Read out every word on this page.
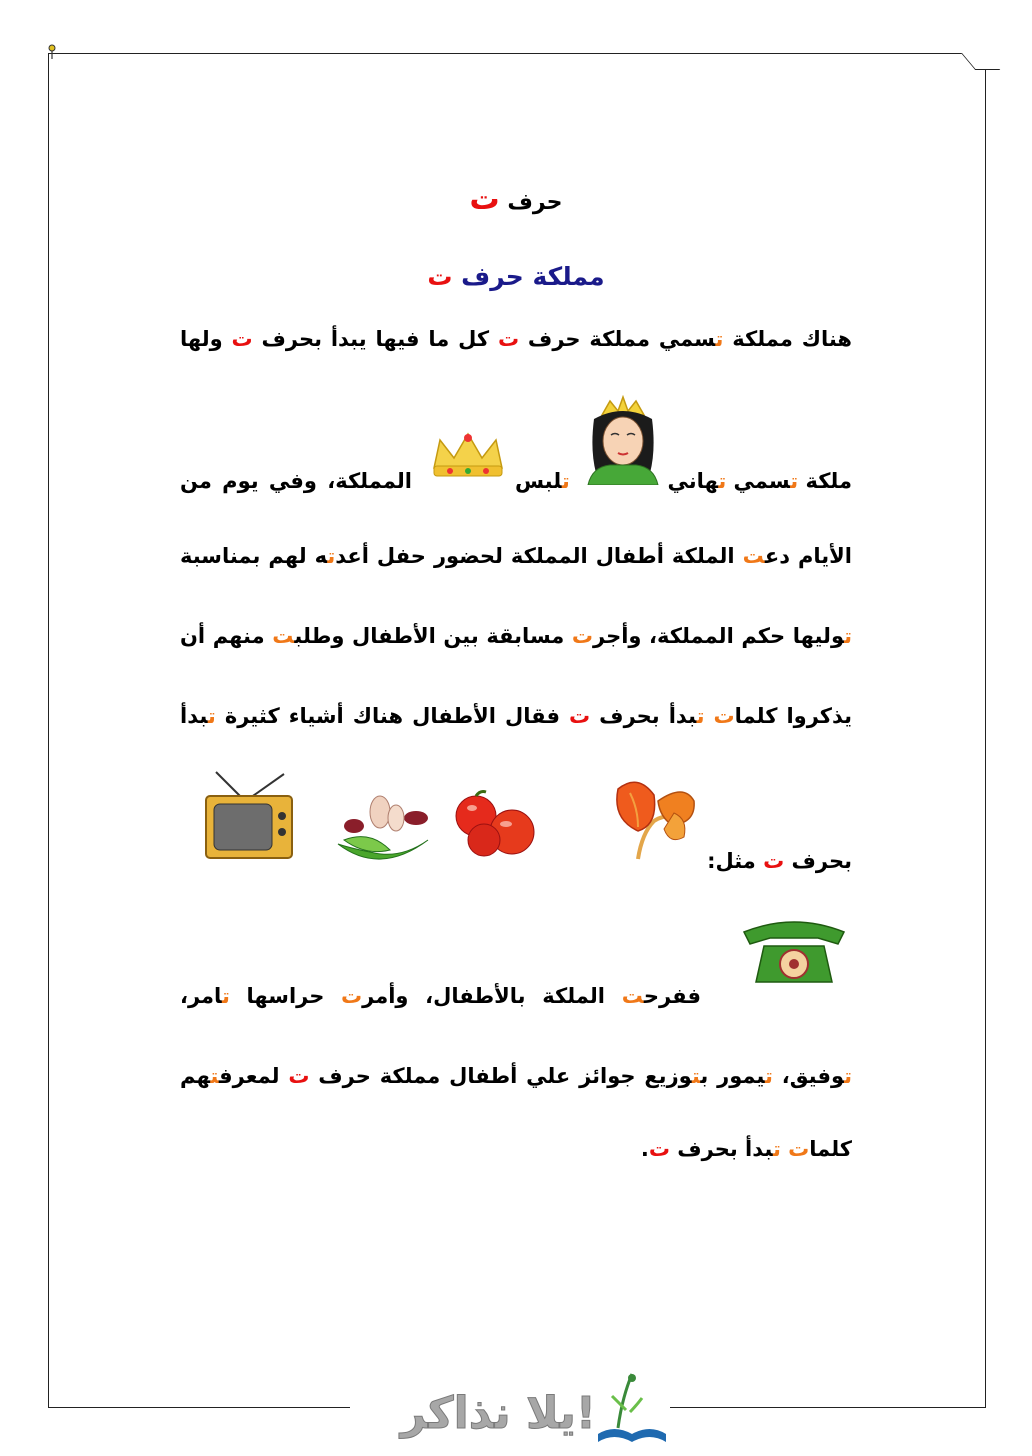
حرف ت
مملكة حرف ت
هناك مملكة تسمي مملكة حرف ت كل ما فيها يبدأ بحرف ت ولها
ملكة تسمي تهاني
تلبس
المملكة، وفي يوم من
الأيام دعت الملكة أطفال المملكة لحضور حفل أعدته لهم بمناسبة
توليها حكم المملكة، وأجرت مسابقة بين الأطفال وطلبت منهم أن
يذكروا كلمات تبدأ بحرف ت فقال الأطفال هناك أشياء كثيرة تبدأ
بحرف ت مثل:
ففرحت الملكة بالأطفال، وأمرت حراسها تامر،
توفيق، تيمور بتوزيع جوائز علي أطفال مملكة حرف ت لمعرفتهم
كلمات تبدأ بحرف ت.
يلا نذاكر!
